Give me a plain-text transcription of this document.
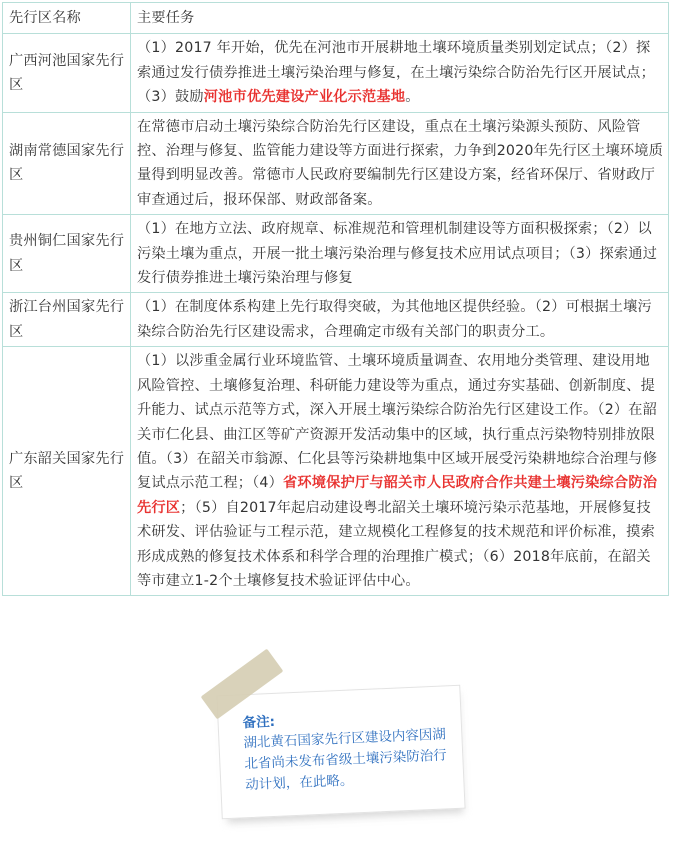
先行区名称	主要任务
广西河池国家先行区	（1）2017 年开始，优先在河池市开展耕地土壤环境质量类别划定试点；（2）探索通过发行债券推进土壤污染治理与修复，在土壤污染综合防治先行区开展试点；（3）鼓励河池市优先建设产业化示范基地。
湖南常德国家先行区	在常德市启动土壤污染综合防治先行区建设，重点在土壤污染源头预防、风险管控、治理与修复、监管能力建设等方面进行探索，力争到2020年先行区土壤环境质量得到明显改善。常德市人民政府要编制先行区建设方案，经省环保厅、省财政厅审查通过后，报环保部、财政部备案。
贵州铜仁国家先行区	（1）在地方立法、政府规章、标准规范和管理机制建设等方面积极探索；（2）以污染土壤为重点，开展一批土壤污染治理与修复技术应用试点项目；（3）探索通过发行债券推进土壤污染治理与修复
浙江台州国家先行区	（1）在制度体系构建上先行取得突破，为其他地区提供经验。（2）可根据土壤污染综合防治先行区建设需求，合理确定市级有关部门的职责分工。
广东韶关国家先行区	（1）以涉重金属行业环境监管、土壤环境质量调查、农用地分类管理、建设用地风险管控、土壤修复治理、科研能力建设等为重点，通过夯实基础、创新制度、提升能力、试点示范等方式，深入开展土壤污染综合防治先行区建设工作。（2）在韶关市仁化县、曲江区等矿产资源开发活动集中的区域，执行重点污染物特别排放限值。（3）在韶关市翁源、仁化县等污染耕地集中区域开展受污染耕地综合治理与修复试点示范工程；（4）省环境保护厅与韶关市人民政府合作共建土壤污染综合防治先行区；（5）自2017年起启动建设粤北韶关土壤环境污染示范基地，开展修复技术研发、评估验证与工程示范，建立规模化工程修复的技术规范和评价标准，摸索形成成熟的修复技术体系和科学合理的治理推广模式；（6）2018年底前，在韶关等市建立1-2个土壤修复技术验证评估中心。
备注:
湖北黄石国家先行区建设内容因湖北省尚未发布省级土壤污染防治行动计划，在此略。
